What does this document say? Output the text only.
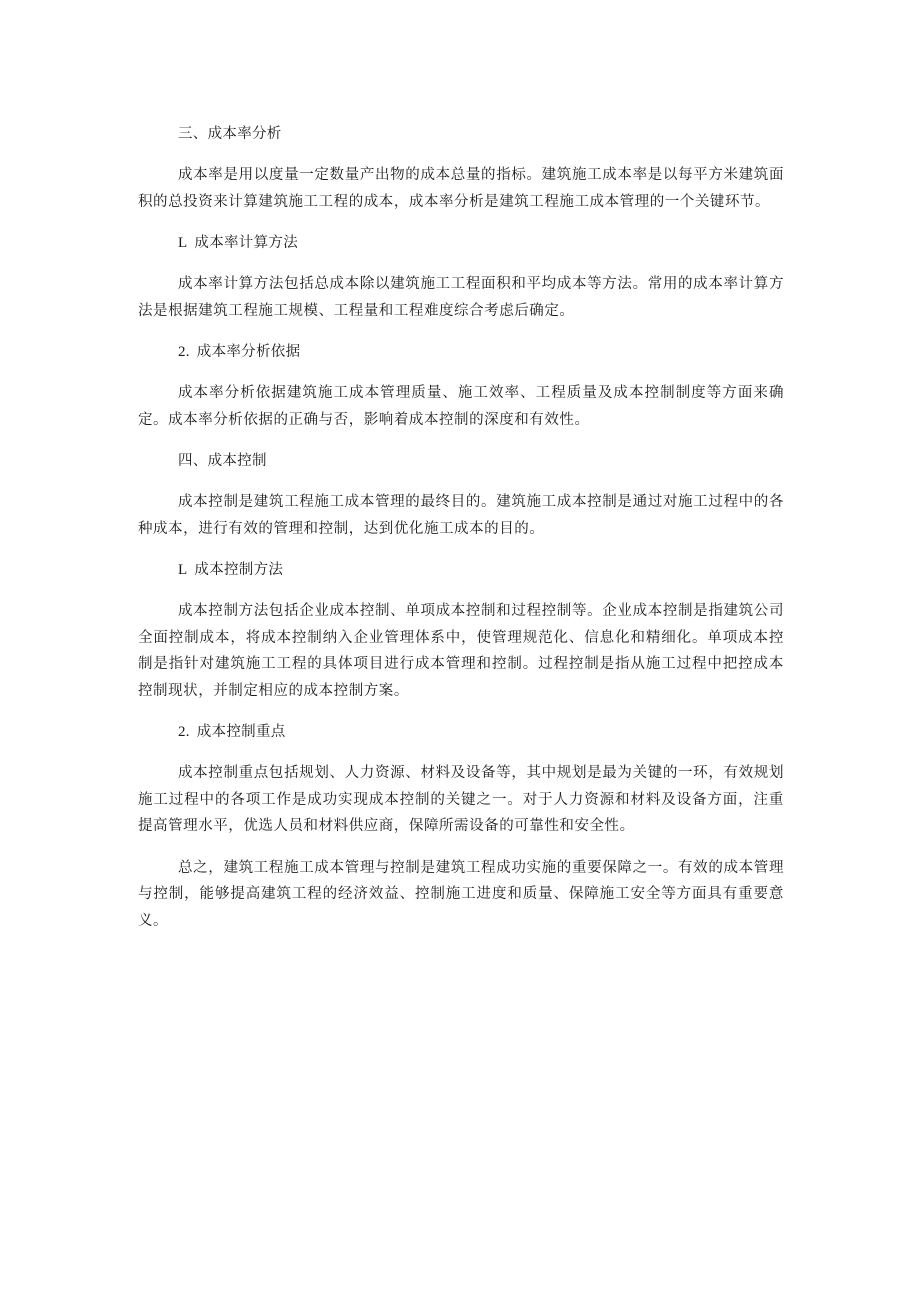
三、成本率分析

成本率是用以度量一定数量产出物的成本总量的指标。建筑施工成本率是以每平方米建筑面积的总投资来计算建筑施工工程的成本，成本率分析是建筑工程施工成本管理的一个关键环节。

L 成本率计算方法

成本率计算方法包括总成本除以建筑施工工程面积和平均成本等方法。常用的成本率计算方法是根据建筑工程施工规模、工程量和工程难度综合考虑后确定。

2. 成本率分析依据

成本率分析依据建筑施工成本管理质量、施工效率、工程质量及成本控制制度等方面来确定。成本率分析依据的正确与否，影响着成本控制的深度和有效性。

四、成本控制

成本控制是建筑工程施工成本管理的最终目的。建筑施工成本控制是通过对施工过程中的各种成本，进行有效的管理和控制，达到优化施工成本的目的。

L 成本控制方法

成本控制方法包括企业成本控制、单项成本控制和过程控制等。企业成本控制是指建筑公司全面控制成本，将成本控制纳入企业管理体系中，使管理规范化、信息化和精细化。单项成本控制是指针对建筑施工工程的具体项目进行成本管理和控制。过程控制是指从施工过程中把控成本控制现状，并制定相应的成本控制方案。

2. 成本控制重点

成本控制重点包括规划、人力资源、材料及设备等，其中规划是最为关键的一环，有效规划施工过程中的各项工作是成功实现成本控制的关键之一。对于人力资源和材料及设备方面，注重提高管理水平，优选人员和材料供应商，保障所需设备的可靠性和安全性。

总之，建筑工程施工成本管理与控制是建筑工程成功实施的重要保障之一。有效的成本管理与控制，能够提高建筑工程的经济效益、控制施工进度和质量、保障施工安全等方面具有重要意义。
